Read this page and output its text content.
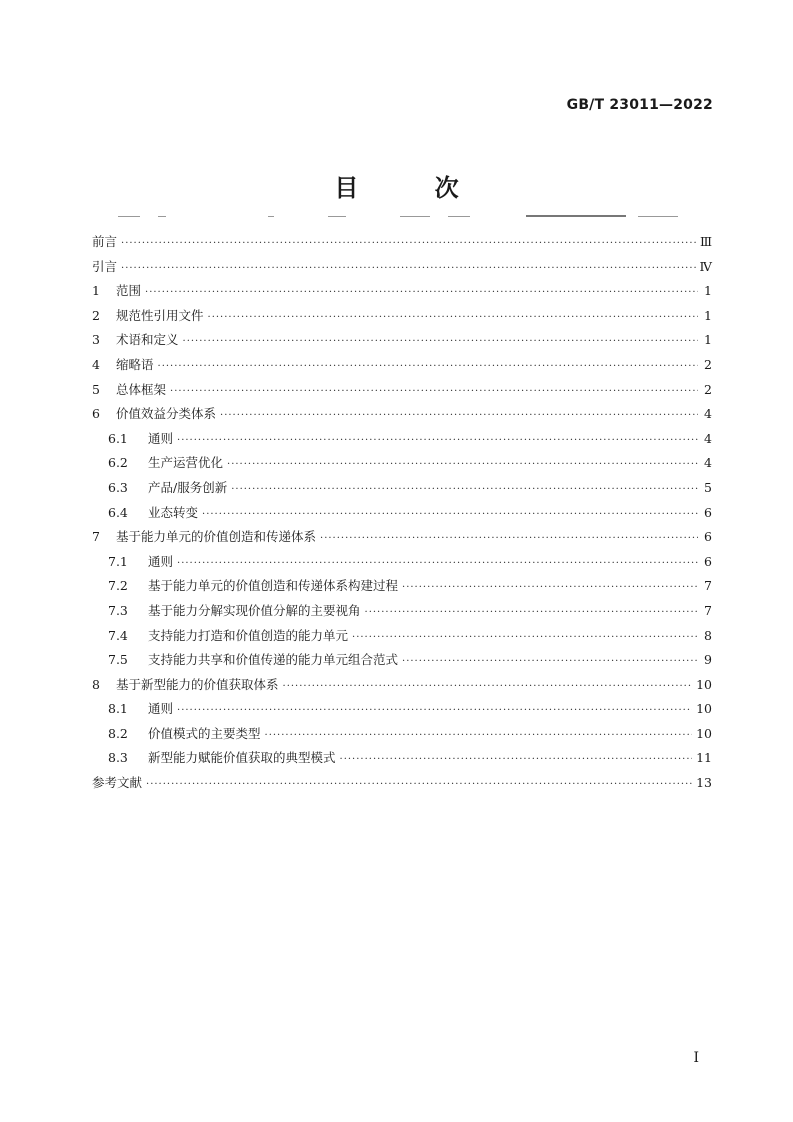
GB/T 23011—2022
目 次
前言 ·····	Ⅲ
引言 ·····	Ⅳ
1	范围 ·····	1
2	规范性引用文件 ·····	1
3	术语和定义 ·····	1
4	缩略语 ·····	2
5	总体框架 ·····	2
6	价值效益分类体系 ·····	4
6.1	通则 ·····	4
6.2	生产运营优化 ·····	4
6.3	产品/服务创新 ·····	5
6.4	业态转变 ·····	6
7	基于能力单元的价值创造和传递体系 ·····	6
7.1	通则 ·····	6
7.2	基于能力单元的价值创造和传递体系构建过程 ·····	7
7.3	基于能力分解实现价值分解的主要视角 ·····	7
7.4	支持能力打造和价值创造的能力单元 ·····	8
7.5	支持能力共享和价值传递的能力单元组合范式 ·····	9
8	基于新型能力的价值获取体系 ·····	10
8.1	通则 ·····	10
8.2	价值模式的主要类型 ·····	10
8.3	新型能力赋能价值获取的典型模式 ·····	11
参考文献 ·····	13
I
